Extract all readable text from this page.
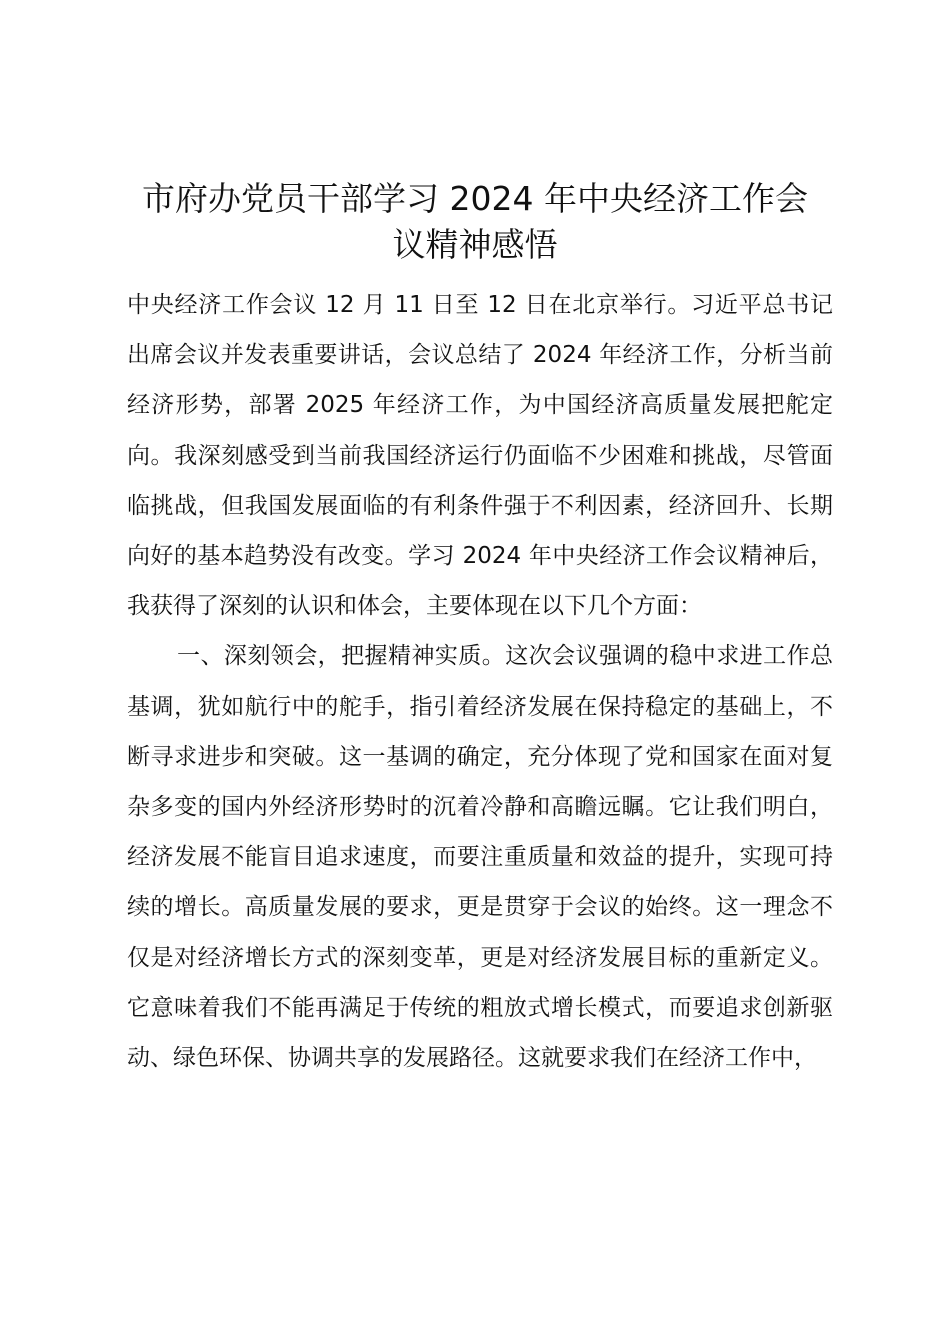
市府办党员干部学习 2024 年中央经济工作会
议精神感悟

中央经济工作会议 12 月 11 日至 12 日在北京举行。习近平总书记出席会议并发表重要讲话，会议总结了 2024 年经济工作，分析当前经济形势，部署 2025 年经济工作，为中国经济高质量发展把舵定向。我深刻感受到当前我国经济运行仍面临不少困难和挑战，尽管面临挑战，但我国发展面临的有利条件强于不利因素，经济回升、长期向好的基本趋势没有改变。学习 2024 年中央经济工作会议精神后，我获得了深刻的认识和体会，主要体现在以下几个方面：

一、深刻领会，把握精神实质。这次会议强调的稳中求进工作总基调，犹如航行中的舵手，指引着经济发展在保持稳定的基础上，不断寻求进步和突破。这一基调的确定，充分体现了党和国家在面对复杂多变的国内外经济形势时的沉着冷静和高瞻远瞩。它让我们明白，经济发展不能盲目追求速度，而要注重质量和效益的提升，实现可持续的增长。高质量发展的要求，更是贯穿于会议的始终。这一理念不仅是对经济增长方式的深刻变革，更是对经济发展目标的重新定义。它意味着我们不能再满足于传统的粗放式增长模式，而要追求创新驱动、绿色环保、协调共享的发展路径。这就要求我们在经济工作中，
